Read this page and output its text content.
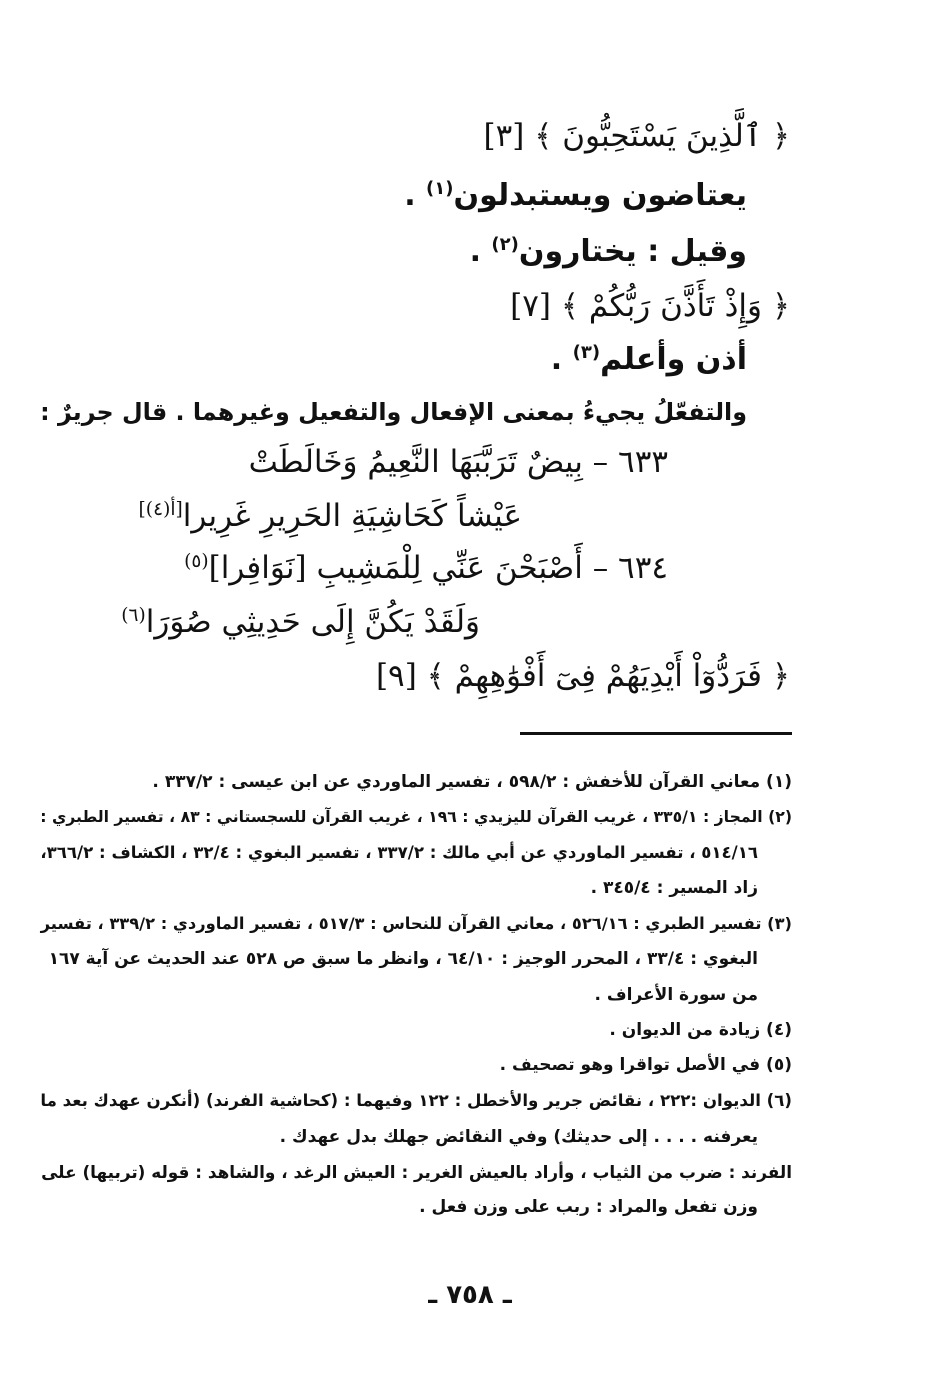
﴿ ٱلَّذِينَ يَسْتَحِبُّونَ ﴾ [٣]
يعتاضون ويستبدلون$^{(١)}$ .
وقيل : يختارون$^{(٢)}$ .
﴿ وَإِذْ تَأَذَّنَ رَبُّكُمْ ﴾ [٧]
أذن وأعلم$^{(٣)}$ .
والتفعّلُ يجيءُ بمعنى الإفعال والتفعيل وغيرهما . قال جريرٌ :
٦٣٣ – بِيضٌ تَرَبَّبَهَا النَّعِيمُ وَخَالَطَتْ
عَيْشاً كَحَاشِيَةِ الحَرِيرِ غَرِيرا[أ(٤)]
٦٣٤ – أَصْبَحْنَ عَنِّي لِلْمَشِيبِ [نَوَافِرا]$^{(٥)}$
وَلَقَدْ يَكُنَّ إِلَى حَدِيثِي صُوَرَا$^{(٦)}$
﴿ فَرَدُّوٓاْ أَيْدِيَهُمْ فِىٓ أَفْوَٰهِهِمْ ﴾ [٩]
(١) معاني القرآن للأخفش : ٥٩٨/٢ ، تفسير الماوردي عن ابن عيسى : ٣٣٧/٢ .
(٢) المجاز : ٣٣٥/١ ، غريب القرآن لليزيدي : ١٩٦ ، غريب القرآن للسجستاني : ٨٣ ، تفسير الطبري :
٥١٤/١٦ ، تفسير الماوردي عن أبي مالك : ٣٣٧/٢ ، تفسير البغوي : ٣٢/٤ ، الكشاف : ٣٦٦/٢،
زاد المسير : ٣٤٥/٤ .
(٣) تفسير الطبري : ٥٢٦/١٦ ، معاني القرآن للنحاس : ٥١٧/٣ ، تفسير الماوردي : ٣٣٩/٢ ، تفسير
البغوي : ٣٣/٤ ، المحرر الوجيز : ٦٤/١٠ ، وانظر ما سبق ص ٥٢٨ عند الحديث عن آية ١٦٧
من سورة الأعراف .
(٤) زيادة من الديوان .
(٥) في الأصل تواقرا وهو تصحيف .
(٦) الديوان :٢٢٢ ، نقائض جرير والأخطل : ١٢٢ وفيهما : (كحاشية الفرند) (أنكرن عهدك بعد ما
يعرفنه . . . . إلى حديثك) وفي النقائض جهلك بدل عهدك .
الفرند : ضرب من الثياب ، وأراد بالعيش الغرير : العيش الرغد ، والشاهد : قوله (تربيها) على
وزن تفعل والمراد : ربب على وزن فعل .
ـ ٧٥٨ ـ
